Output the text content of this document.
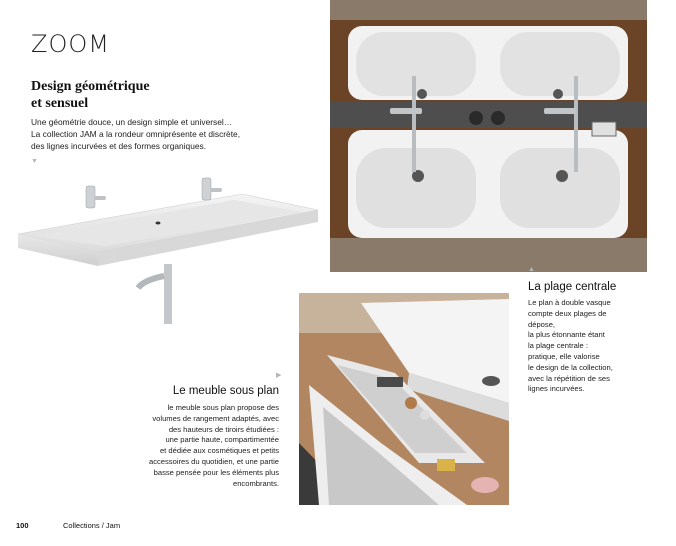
ZOOM
Design géométrique
et sensuel
Une géométrie douce, un design simple et universel…
La collection JAM a la rondeur omniprésente et discrète,
des lignes incurvées et des formes organiques.
▼
▶
Le meuble sous plan
le meuble sous plan propose des
volumes de rangement adaptés, avec
des hauteurs de tiroirs étudiées :
une partie haute, compartimentée
et dédiée aux cosmétiques et petits
accessoires du quotidien, et une partie
basse pensée pour les éléments plus
encombrants.
▲
La plage centrale
Le plan à double vasque
compte deux plages de
dépose,
la plus étonnante étant
la plage centrale :
pratique, elle valorise
le design de la collection,
avec la répétition de ses
lignes incurvées.
100	Collections / Jam
